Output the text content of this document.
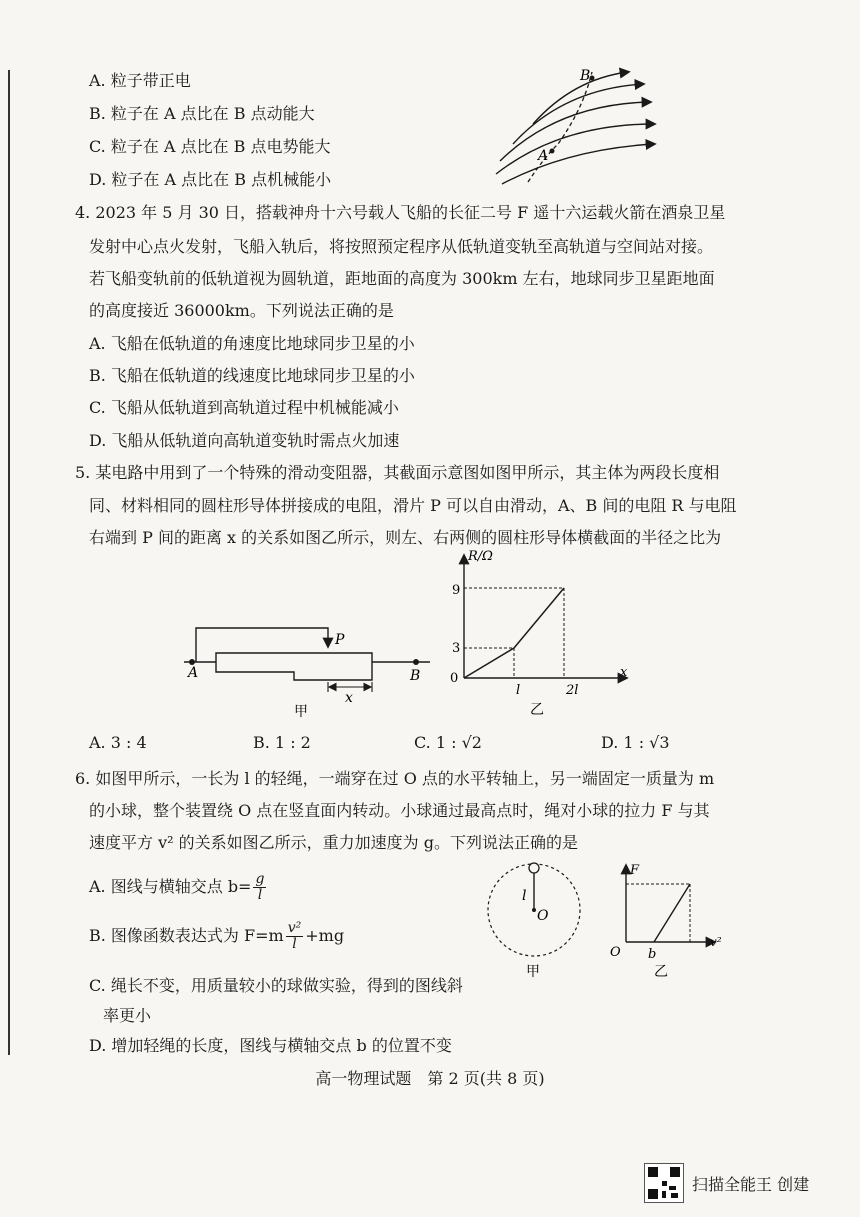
A. 粒子带正电
B. 粒子在 A 点比在 B 点动能大
C. 粒子在 A 点比在 B 点电势能大
D. 粒子在 A 点比在 B 点机械能小
A
B
4. 2023 年 5 月 30 日，搭载神舟十六号载人飞船的长征二号 F 遥十六运载火箭在酒泉卫星
发射中心点火发射，飞船入轨后，将按照预定程序从低轨道变轨至高轨道与空间站对接。
若飞船变轨前的低轨道视为圆轨道，距地面的高度为 300km 左右，地球同步卫星距地面
的高度接近 36000km。下列说法正确的是
A. 飞船在低轨道的角速度比地球同步卫星的小
B. 飞船在低轨道的线速度比地球同步卫星的小
C. 飞船从低轨道到高轨道过程中机械能减小
D. 飞船从低轨道向高轨道变轨时需点火加速
5. 某电路中用到了一个特殊的滑动变阻器，其截面示意图如图甲所示，其主体为两段长度相
同、材料相同的圆柱形导体拼接成的电阻，滑片 P 可以自由滑动，A、B 间的电阻 R 与电阻
右端到 P 间的距离 x 的关系如图乙所示，则左、右两侧的圆柱形导体横截面的半径之比为
A	B
P
x
甲
R/Ω
x
0
9
3
l	2l
乙
A. 3 : 4	B. 1 : 2	C. 1 : √2	D. 1 : √3
6. 如图甲所示，一长为 l 的轻绳，一端穿在过 O 点的水平转轴上，另一端固定一质量为 m
的小球，整个装置绕 O 点在竖直面内转动。小球通过最高点时，绳对小球的拉力 F 与其
速度平方 v² 的关系如图乙所示，重力加速度为 g。下列说法正确的是
A. 图线与横轴交点 $b= \frac{g}{l}$
B. 图像函数表达式为 $F=m \frac{\text{v²}}{l} +mg$
C. 绳长不变，用质量较小的球做实验，得到的图线斜
率更小
D. 增加轻绳的长度，图线与横轴交点 b 的位置不变
l
O
甲
F
O b
v²
乙
高一物理试题　第 2 页(共 8 页)
扫描全能王 创建
